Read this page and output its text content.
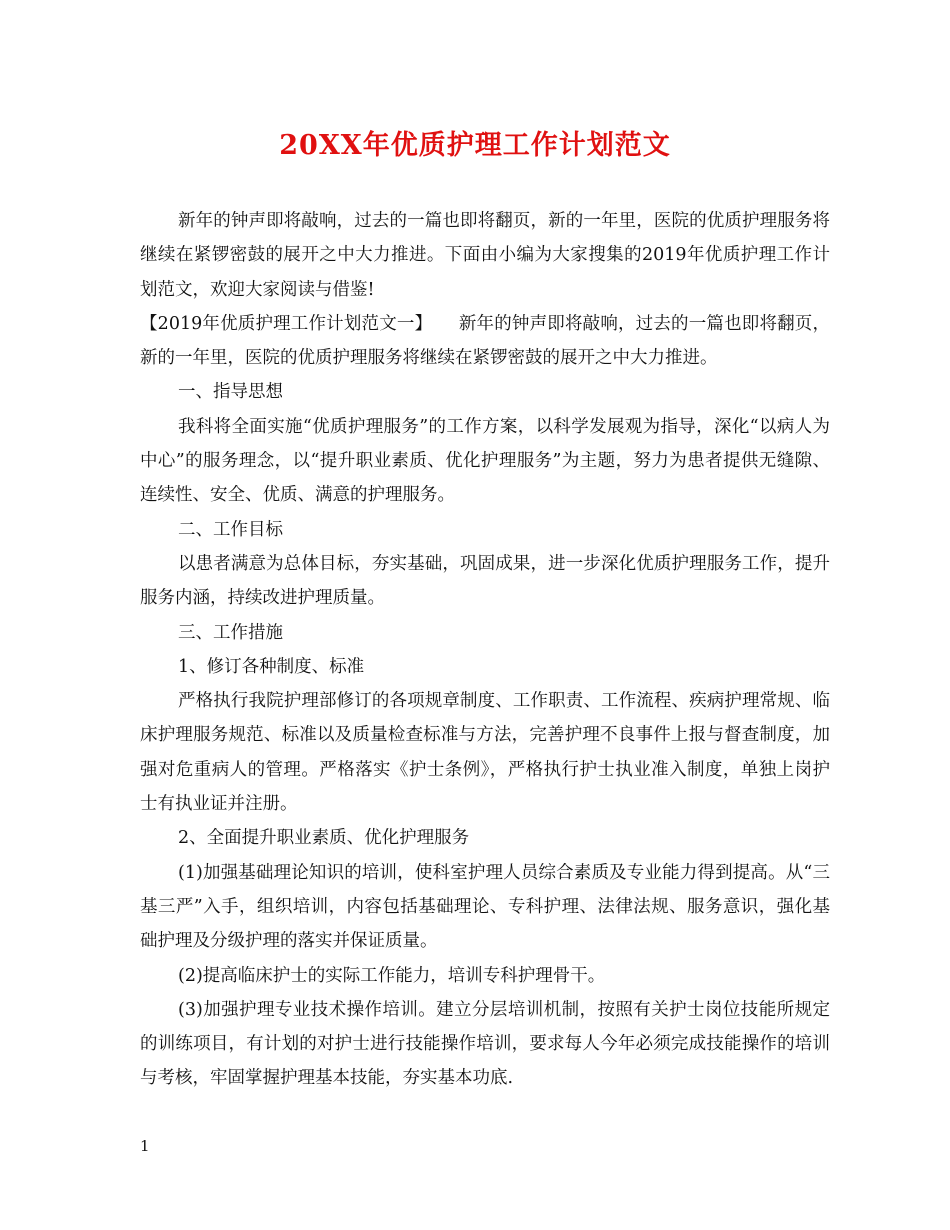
20XX年优质护理工作计划范文

新年的钟声即将敲响，过去的一篇也即将翻页，新的一年里，医院的优质护理服务将继续在紧锣密鼓的展开之中大力推进。下面由小编为大家搜集的2019年优质护理工作计划范文，欢迎大家阅读与借鉴!

【2019年优质护理工作计划范文一】　　新年的钟声即将敲响，过去的一篇也即将翻页，新的一年里，医院的优质护理服务将继续在紧锣密鼓的展开之中大力推进。

一、指导思想

我科将全面实施“优质护理服务”的工作方案，以科学发展观为指导，深化“以病人为中心”的服务理念，以“提升职业素质、优化护理服务”为主题，努力为患者提供无缝隙、连续性、安全、优质、满意的护理服务。

二、工作目标

以患者满意为总体目标，夯实基础，巩固成果，进一步深化优质护理服务工作，提升服务内涵，持续改进护理质量。

三、工作措施

1、修订各种制度、标准

严格执行我院护理部修订的各项规章制度、工作职责、工作流程、疾病护理常规、临床护理服务规范、标准以及质量检查标准与方法，完善护理不良事件上报与督查制度，加强对危重病人的管理。严格落实《护士条例》，严格执行护士执业准入制度，单独上岗护士有执业证并注册。

2、全面提升职业素质、优化护理服务

(1)加强基础理论知识的培训，使科室护理人员综合素质及专业能力得到提高。从“三基三严”入手，组织培训，内容包括基础理论、专科护理、法律法规、服务意识，强化基础护理及分级护理的落实并保证质量。

(2)提高临床护士的实际工作能力，培训专科护理骨干。

(3)加强护理专业技术操作培训。建立分层培训机制，按照有关护士岗位技能所规定的训练项目，有计划的对护士进行技能操作培训，要求每人今年必须完成技能操作的培训与考核，牢固掌握护理基本技能，夯实基本功底.

1
